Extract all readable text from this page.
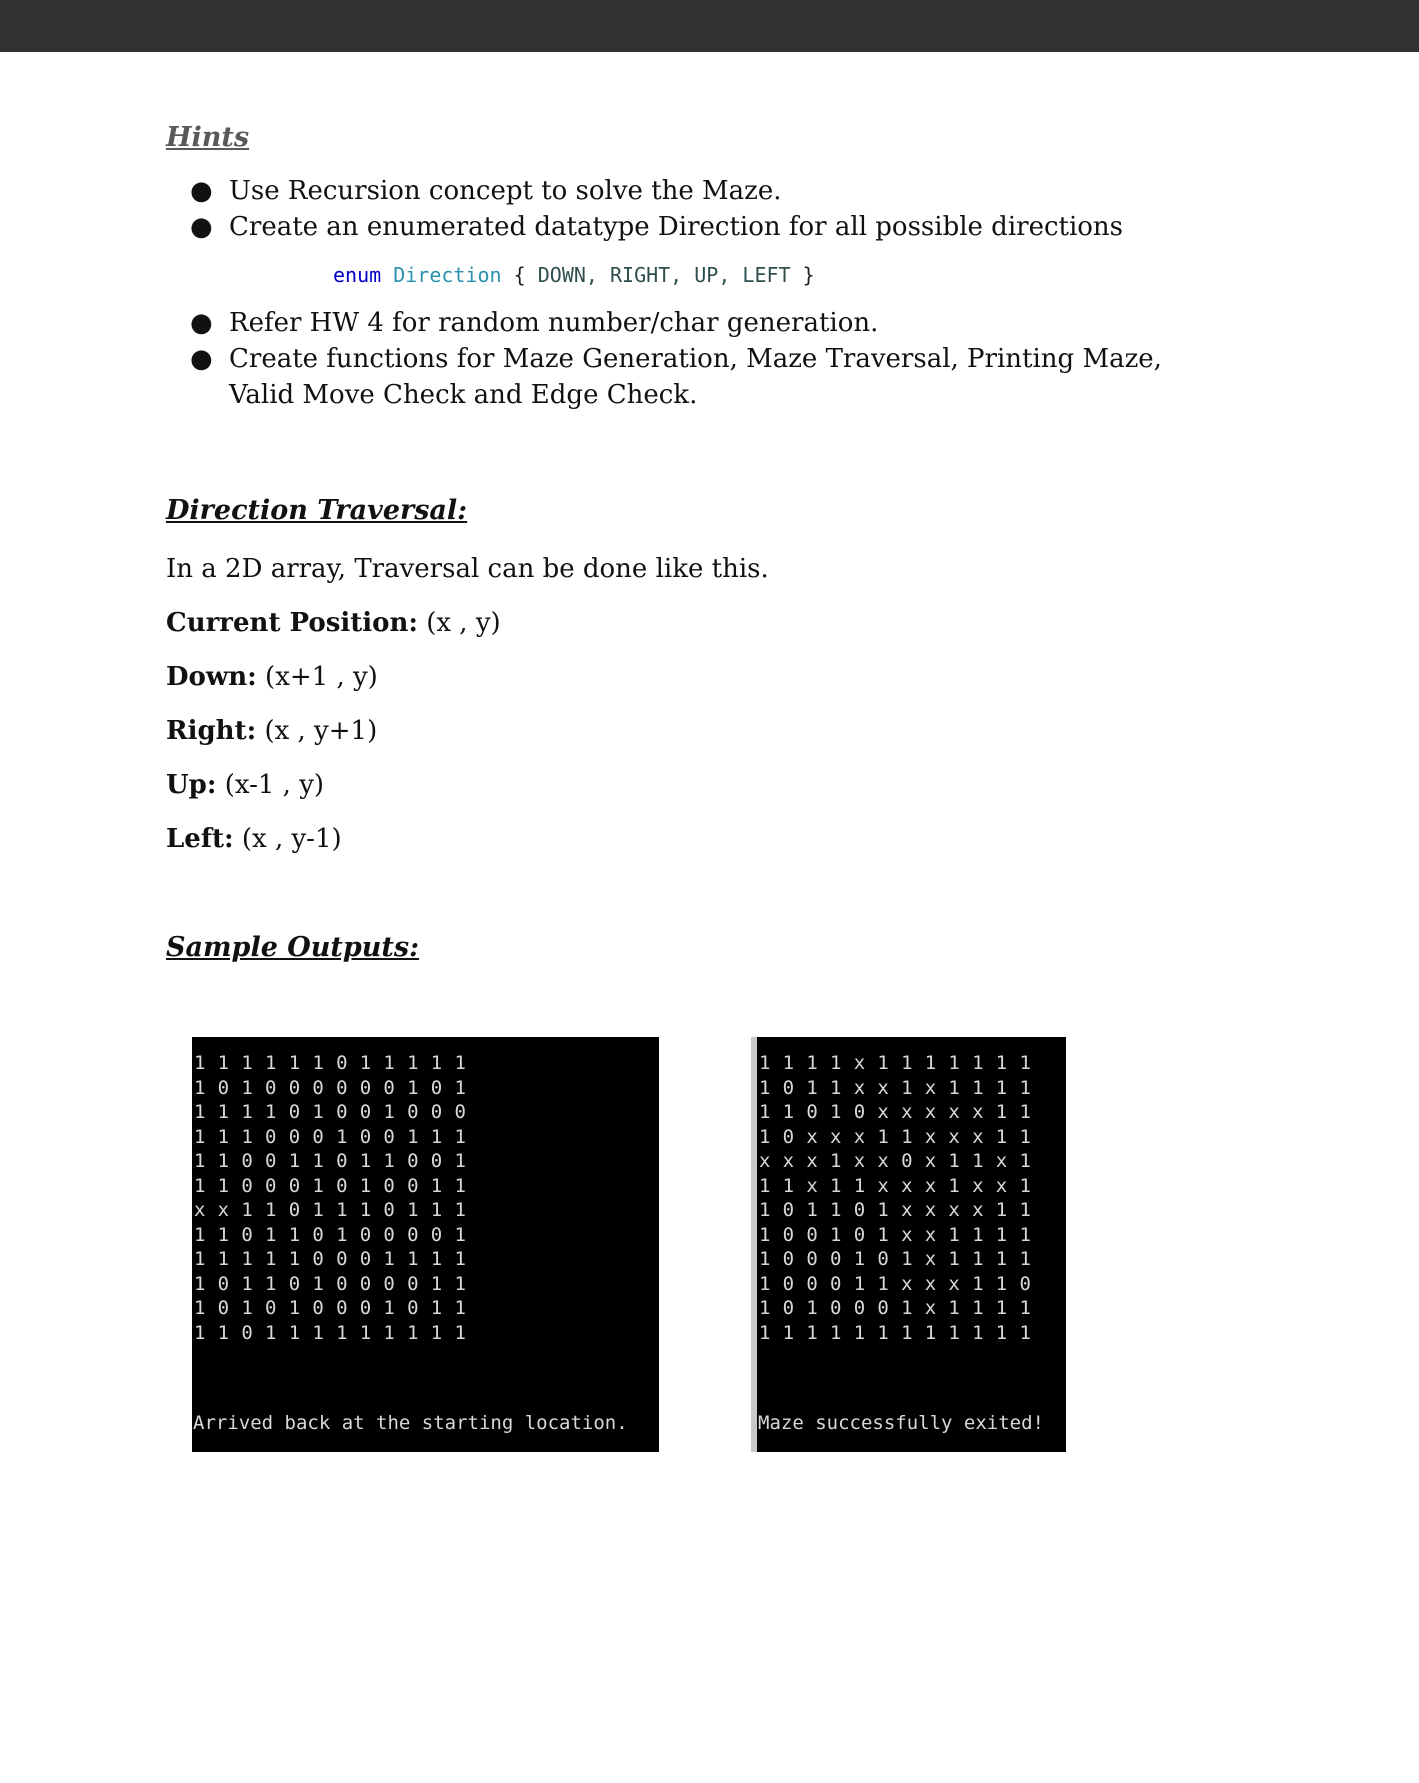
Hints
● Use Recursion concept to solve the Maze.
● Create an enumerated datatype Direction for all possible directions
enum Direction { DOWN, RIGHT, UP, LEFT }
● Refer HW 4 for random number/char generation.
● Create functions for Maze Generation, Maze Traversal, Printing Maze, Valid Move Check and Edge Check.
Direction Traversal:

In a 2D array, Traversal can be done like this.

Current Position: (x , y)

Down: (x+1 , y)

Right: (x , y+1)

Up: (x-1 , y)

Left: (x , y-1)

Sample Outputs:
1 1 1 1 1 1 0 1 1 1 1 1
1 0 1 0 0 0 0 0 0 1 0 1
1 1 1 1 0 1 0 0 1 0 0 0
1 1 1 0 0 0 1 0 0 1 1 1
1 1 0 0 1 1 0 1 1 0 0 1
1 1 0 0 0 1 0 1 0 0 1 1
x x 1 1 0 1 1 1 0 1 1 1
1 1 0 1 1 0 1 0 0 0 0 1
1 1 1 1 1 0 0 0 1 1 1 1
1 0 1 1 0 1 0 0 0 0 1 1
1 0 1 0 1 0 0 0 1 0 1 1
1 1 0 1 1 1 1 1 1 1 1 1
Arrived back at the starting location.
1 1 1 1 x 1 1 1 1 1 1 1
1 0 1 1 x x 1 x 1 1 1 1
1 1 0 1 0 x x x x x 1 1
1 0 x x x 1 1 x x x 1 1
x x x 1 x x 0 x 1 1 x 1
1 1 x 1 1 x x x 1 x x 1
1 0 1 1 0 1 x x x x 1 1
1 0 0 1 0 1 x x 1 1 1 1
1 0 0 0 1 0 1 x 1 1 1 1
1 0 0 0 1 1 x x x 1 1 0
1 0 1 0 0 0 1 x 1 1 1 1
1 1 1 1 1 1 1 1 1 1 1 1
Maze successfully exited!
